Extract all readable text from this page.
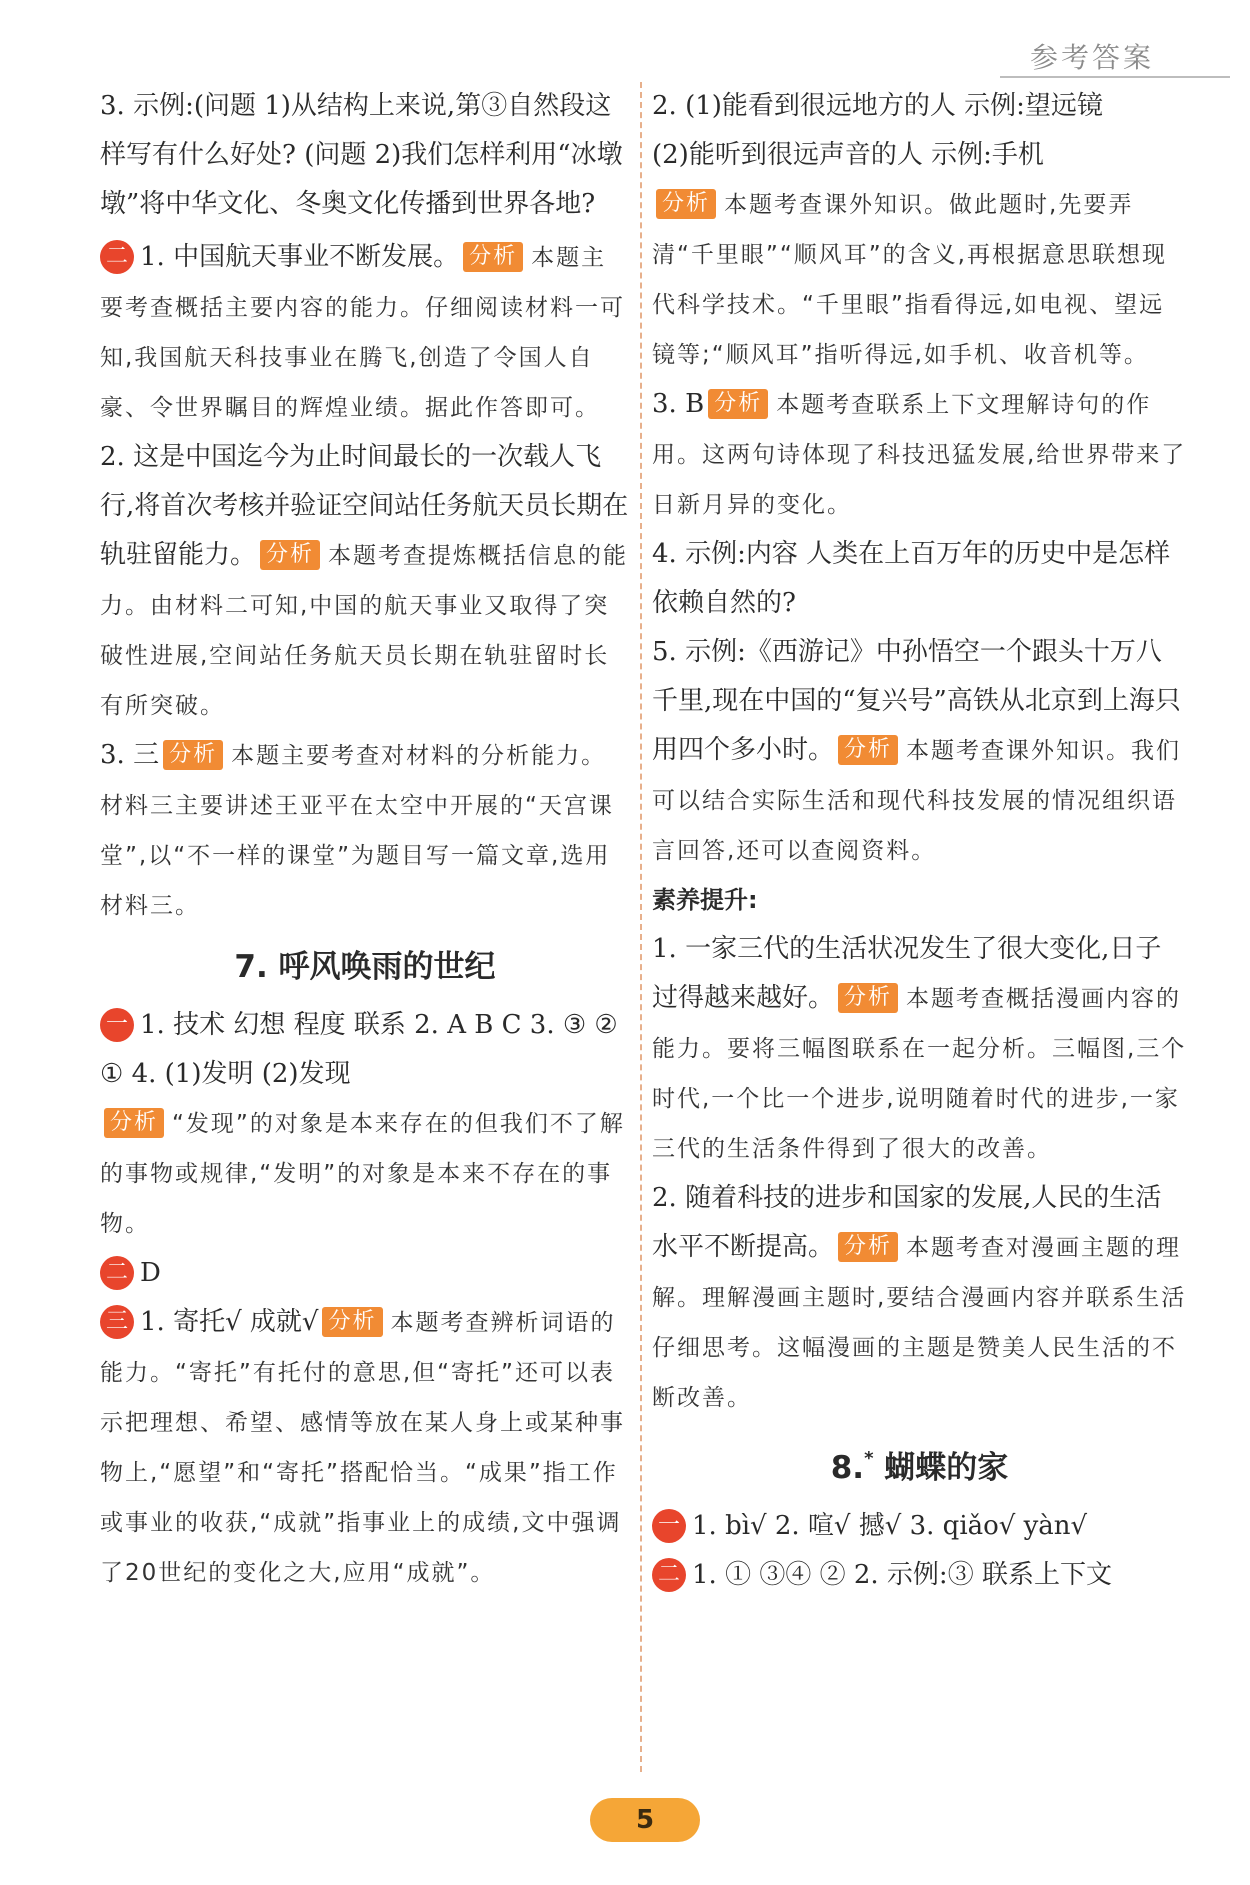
参考答案

3. 示例:(问题 1)从结构上来说,第③自然段这样写有什么好处? (问题 2)我们怎样利用“冰墩墩”将中华文化、冬奥文化传播到世界各地?

二 1. 中国航天事业不断发展。 分析 本题主要考查概括主要内容的能力。仔细阅读材料一可知,我国航天科技事业在腾飞,创造了令国人自豪、令世界瞩目的辉煌业绩。据此作答即可。

2. 这是中国迄今为止时间最长的一次载人飞行,将首次考核并验证空间站任务航天员长期在轨驻留能力。 分析 本题考查提炼概括信息的能力。由材料二可知,中国的航天事业又取得了突破性进展,空间站任务航天员长期在轨驻留时长有所突破。

3. 三 分析 本题主要考查对材料的分析能力。材料三主要讲述王亚平在太空中开展的“天宫课堂”,以“不一样的课堂”为题目写一篇文章,选用材料三。

7. 呼风唤雨的世纪

一 1. 技术 幻想 程度 联系 2. A B C 3. ③ ② ① 4. (1)发明 (2)发现

分析 “发现”的对象是本来存在的但我们不了解的事物或规律,“发明”的对象是本来不存在的事物。

二 D

三 1. 寄托√ 成就√ 分析 本题考查辨析词语的能力。“寄托”有托付的意思,但“寄托”还可以表示把理想、希望、感情等放在某人身上或某种事物上,“愿望”和“寄托”搭配恰当。“成果”指工作或事业的收获,“成就”指事业上的成绩,文中强调了20世纪的变化之大,应用“成就”。

2. (1)能看到很远地方的人 示例:望远镜

(2)能听到很远声音的人 示例:手机

分析 本题考查课外知识。做此题时,先要弄清“千里眼”“顺风耳”的含义,再根据意思联想现代科学技术。“千里眼”指看得远,如电视、望远镜等;“顺风耳”指听得远,如手机、收音机等。

3. B 分析 本题考查联系上下文理解诗句的作用。这两句诗体现了科技迅猛发展,给世界带来了日新月异的变化。

4. 示例:内容 人类在上百万年的历史中是怎样依赖自然的?

5. 示例:《西游记》中孙悟空一个跟头十万八千里,现在中国的“复兴号”高铁从北京到上海只用四个多小时。 分析 本题考查课外知识。我们可以结合实际生活和现代科技发展的情况组织语言回答,还可以查阅资料。

素养提升:

1. 一家三代的生活状况发生了很大变化,日子过得越来越好。 分析 本题考查概括漫画内容的能力。要将三幅图联系在一起分析。三幅图,三个时代,一个比一个进步,说明随着时代的进步,一家三代的生活条件得到了很大的改善。

2. 随着科技的进步和国家的发展,人民的生活水平不断提高。 分析 本题考查对漫画主题的理解。理解漫画主题时,要结合漫画内容并联系生活仔细思考。这幅漫画的主题是赞美人民生活的不断改善。

8.* 蝴蝶的家

一 1. bì√ 2. 喧√ 撼√ 3. qiǎo√ yàn√

二 1. ① ③④ ② 2. 示例:③ 联系上下文

5
